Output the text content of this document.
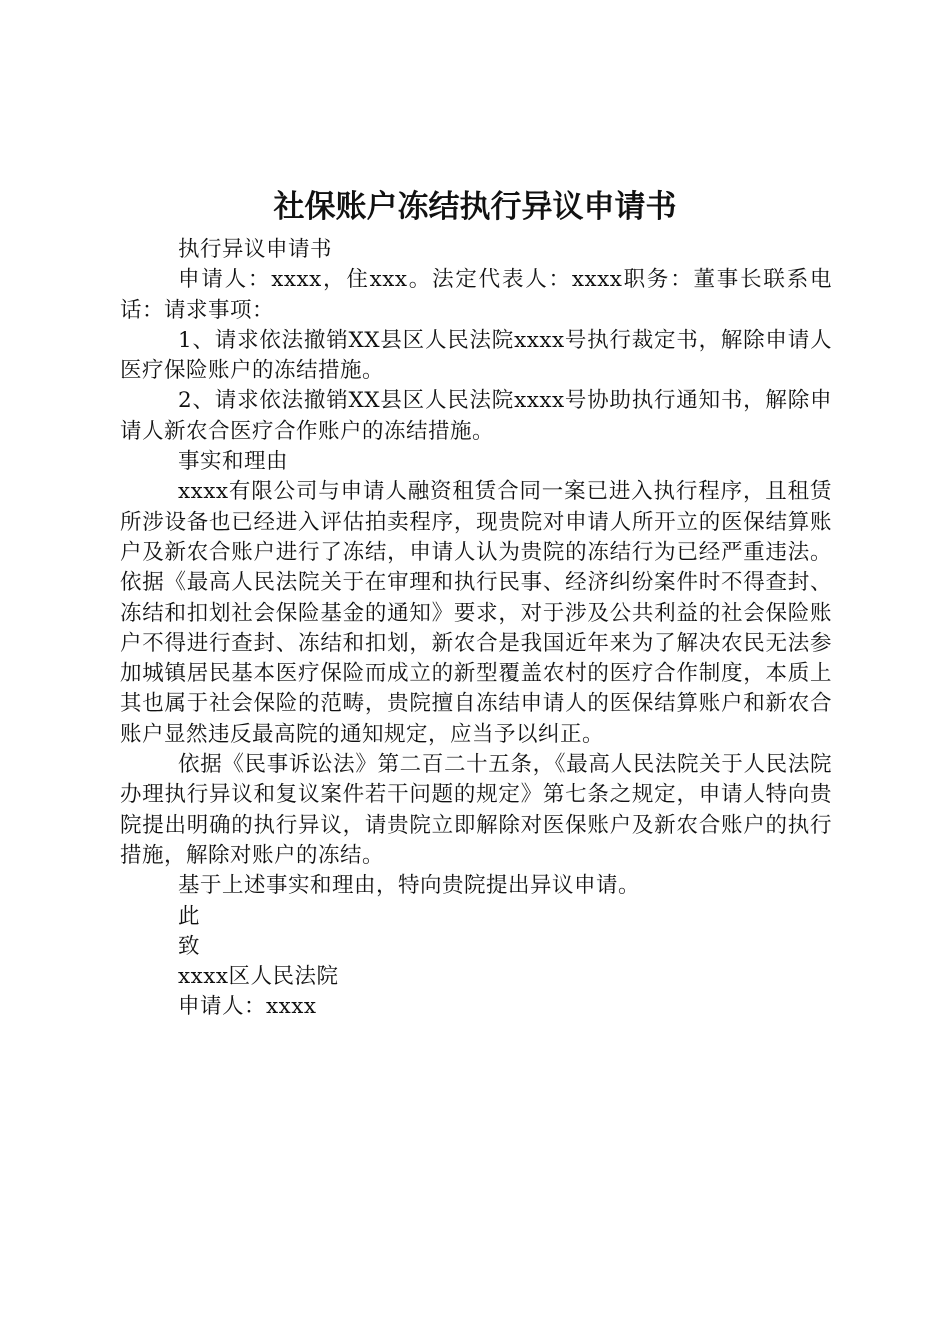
社保账户冻结执行异议申请书

执行异议申请书

申请人：xxxx，住xxx。法定代表人：xxxx职务：董事长联系电话：请求事项：

1、请求依法撤销XX县区人民法院xxxx号执行裁定书，解除申请人医疗保险账户的冻结措施。

2、请求依法撤销XX县区人民法院xxxx号协助执行通知书，解除申请人新农合医疗合作账户的冻结措施。

事实和理由

xxxx有限公司与申请人融资租赁合同一案已进入执行程序，且租赁所涉设备也已经进入评估拍卖程序，现贵院对申请人所开立的医保结算账户及新农合账户进行了冻结，申请人认为贵院的冻结行为已经严重违法。依据《最高人民法院关于在审理和执行民事、经济纠纷案件时不得查封、冻结和扣划社会保险基金的通知》要求，对于涉及公共利益的社会保险账户不得进行查封、冻结和扣划，新农合是我国近年来为了解决农民无法参加城镇居民基本医疗保险而成立的新型覆盖农村的医疗合作制度，本质上其也属于社会保险的范畴，贵院擅自冻结申请人的医保结算账户和新农合账户显然违反最高院的通知规定，应当予以纠正。

依据《民事诉讼法》第二百二十五条，《最高人民法院关于人民法院办理执行异议和复议案件若干问题的规定》第七条之规定，申请人特向贵院提出明确的执行异议，请贵院立即解除对医保账户及新农合账户的执行措施，解除对账户的冻结。

基于上述事实和理由，特向贵院提出异议申请。

此

致

xxxx区人民法院

申请人：xxxx
